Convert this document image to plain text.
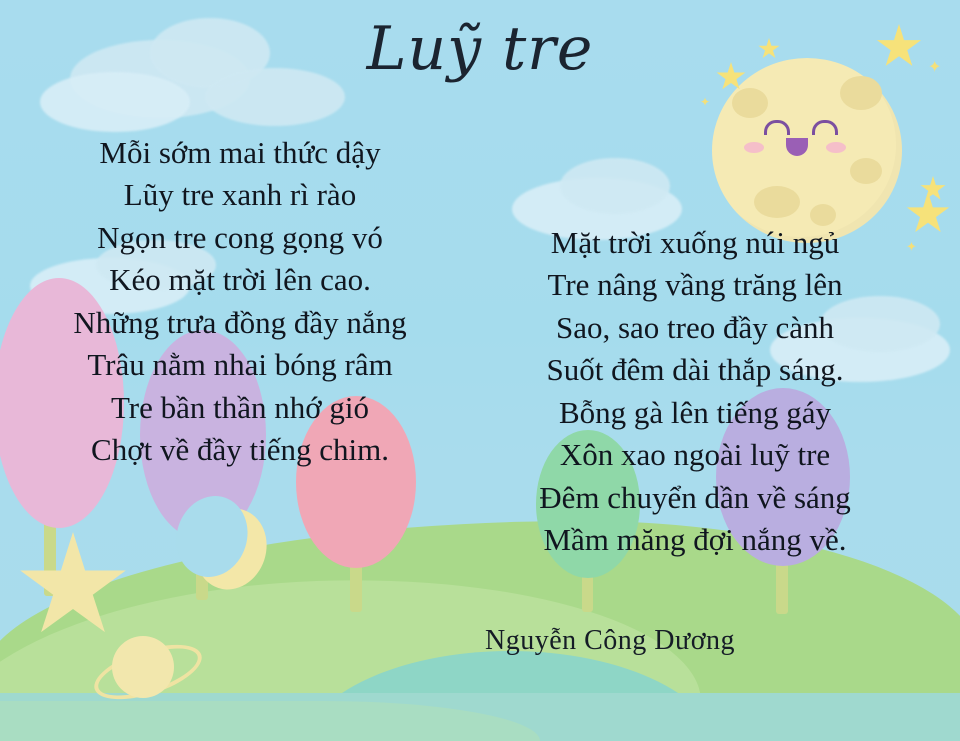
✦
✦
✦
Luỹ tre
Mỗi sớm mai thức dậy
Lũy tre xanh rì rào
Ngọn tre cong gọng vó
Kéo mặt trời lên cao.
Những trưa đồng đầy nắng
Trâu nằm nhai bóng râm
Tre bần thần nhớ gió
Chợt về đầy tiếng chim.
Mặt trời xuống núi ngủ
Tre nâng vầng trăng lên
Sao, sao treo đầy cành
Suốt đêm dài thắp sáng.
Bỗng gà lên tiếng gáy
Xôn xao ngoài luỹ tre
Đêm chuyển dần về sáng
Mầm măng đợi nắng về.
Nguyễn Công Dương
